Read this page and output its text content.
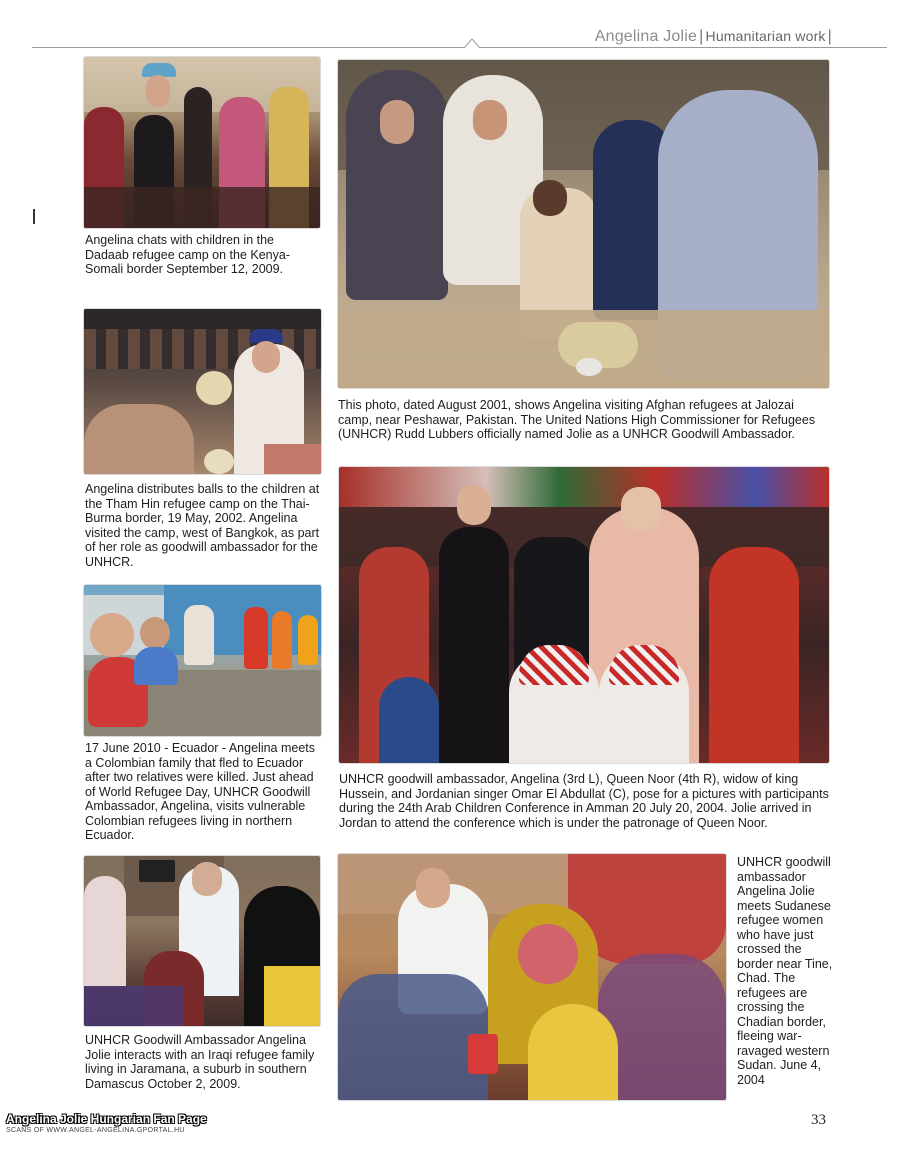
Angelina Jolie | Humanitarian work |
Angelina chats with children in the Dadaab refugee camp on the Kenya-Somali border September 12, 2009.
This photo, dated August 2001, shows Angelina visiting Afghan refugees at Jalozai camp, near Peshawar, Pakistan. The United Nations High Commissioner for Refugees (UNHCR) Rudd Lubbers officially named Jolie as a UNHCR Goodwill Ambassador.
Angelina distributes balls to the children at the Tham Hin refugee camp on the Thai-Burma border, 19 May, 2002. Angelina visited the camp, west of Bangkok, as part of her role as goodwill ambassador for the UNHCR.
UNHCR goodwill ambassador, Angelina (3rd L), Queen Noor (4th R), widow of king Hussein, and Jordanian singer Omar El Abdullat (C), pose for a pictures with participants during the 24th Arab Children Conference in Amman 20 July 20, 2004. Jolie arrived in Jordan to attend the conference which is under the patronage of Queen Noor.
17 June 2010 - Ecuador - Angelina meets a Colombian family that fled to Ecuador after two relatives were killed. Just ahead of World Refugee Day, UNHCR Goodwill Ambassador, Angelina, visits vulnerable Colombian refugees living in northern Ecuador.
UNHCR Goodwill Ambassador Angelina Jolie interacts with an Iraqi refugee family living in Jaramana, a suburb in southern Damascus October 2, 2009.
UNHCR goodwill ambassador Angelina Jolie meets Sudanese refugee women who have just crossed the border near Tine, Chad. The refugees are crossing the Chadian border, fleeing war-ravaged western Sudan. June 4, 2004
Angelina Jolie Hungarian Fan Page
SCANS OF WWW.ANGEL-ANGELINA.GPORTAL.HU
33
